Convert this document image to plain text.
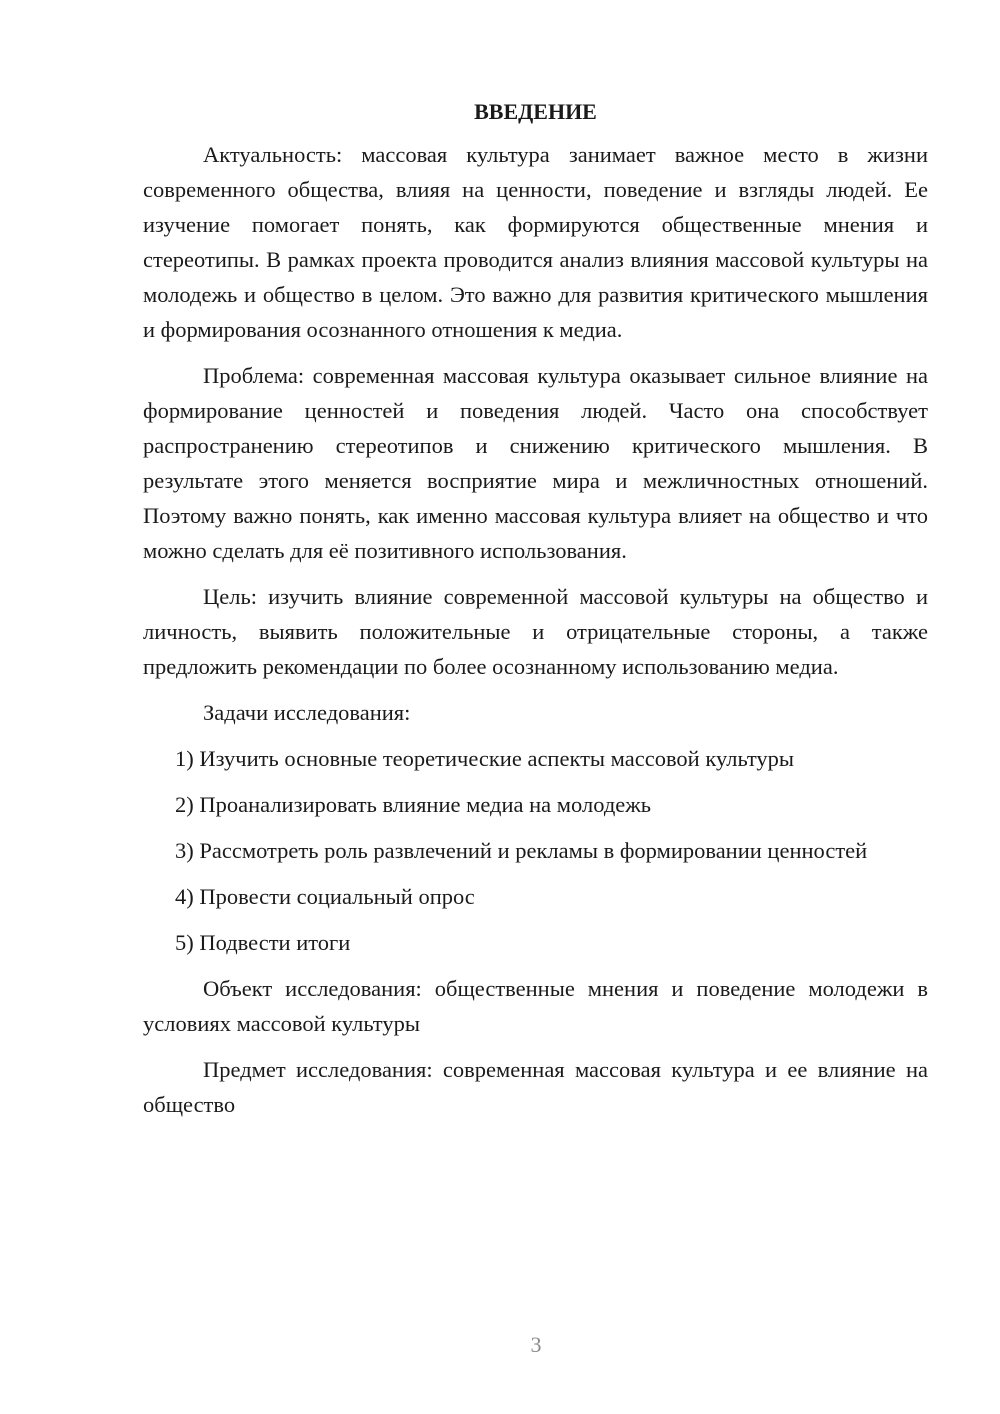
ВВЕДЕНИЕ

Актуальность: массовая культура занимает важное место в жизни современного общества, влияя на ценности, поведение и взгляды людей. Ее изучение помогает понять, как формируются общественные мнения и стереотипы. В рамках проекта проводится анализ влияния массовой культуры на молодежь и общество в целом. Это важно для развития критического мышления и формирования осознанного отношения к медиа.

Проблема: современная массовая культура оказывает сильное влияние на формирование ценностей и поведения людей. Часто она способствует распространению стереотипов и снижению критического мышления. В результате этого меняется восприятие мира и межличностных отношений. Поэтому важно понять, как именно массовая культура влияет на общество и что можно сделать для её позитивного использования.

Цель: изучить влияние современной массовой культуры на общество и личность, выявить положительные и отрицательные стороны, а также предложить рекомендации по более осознанному использованию медиа.

Задачи исследования:

1) Изучить основные теоретические аспекты массовой культуры

2) Проанализировать влияние медиа на молодежь

3) Рассмотреть роль развлечений и рекламы в формировании ценностей

4) Провести социальный опрос

5) Подвести итоги

Объект исследования: общественные мнения и поведение молодежи в условиях массовой культуры

Предмет исследования: современная массовая культура и ее влияние на общество

3
